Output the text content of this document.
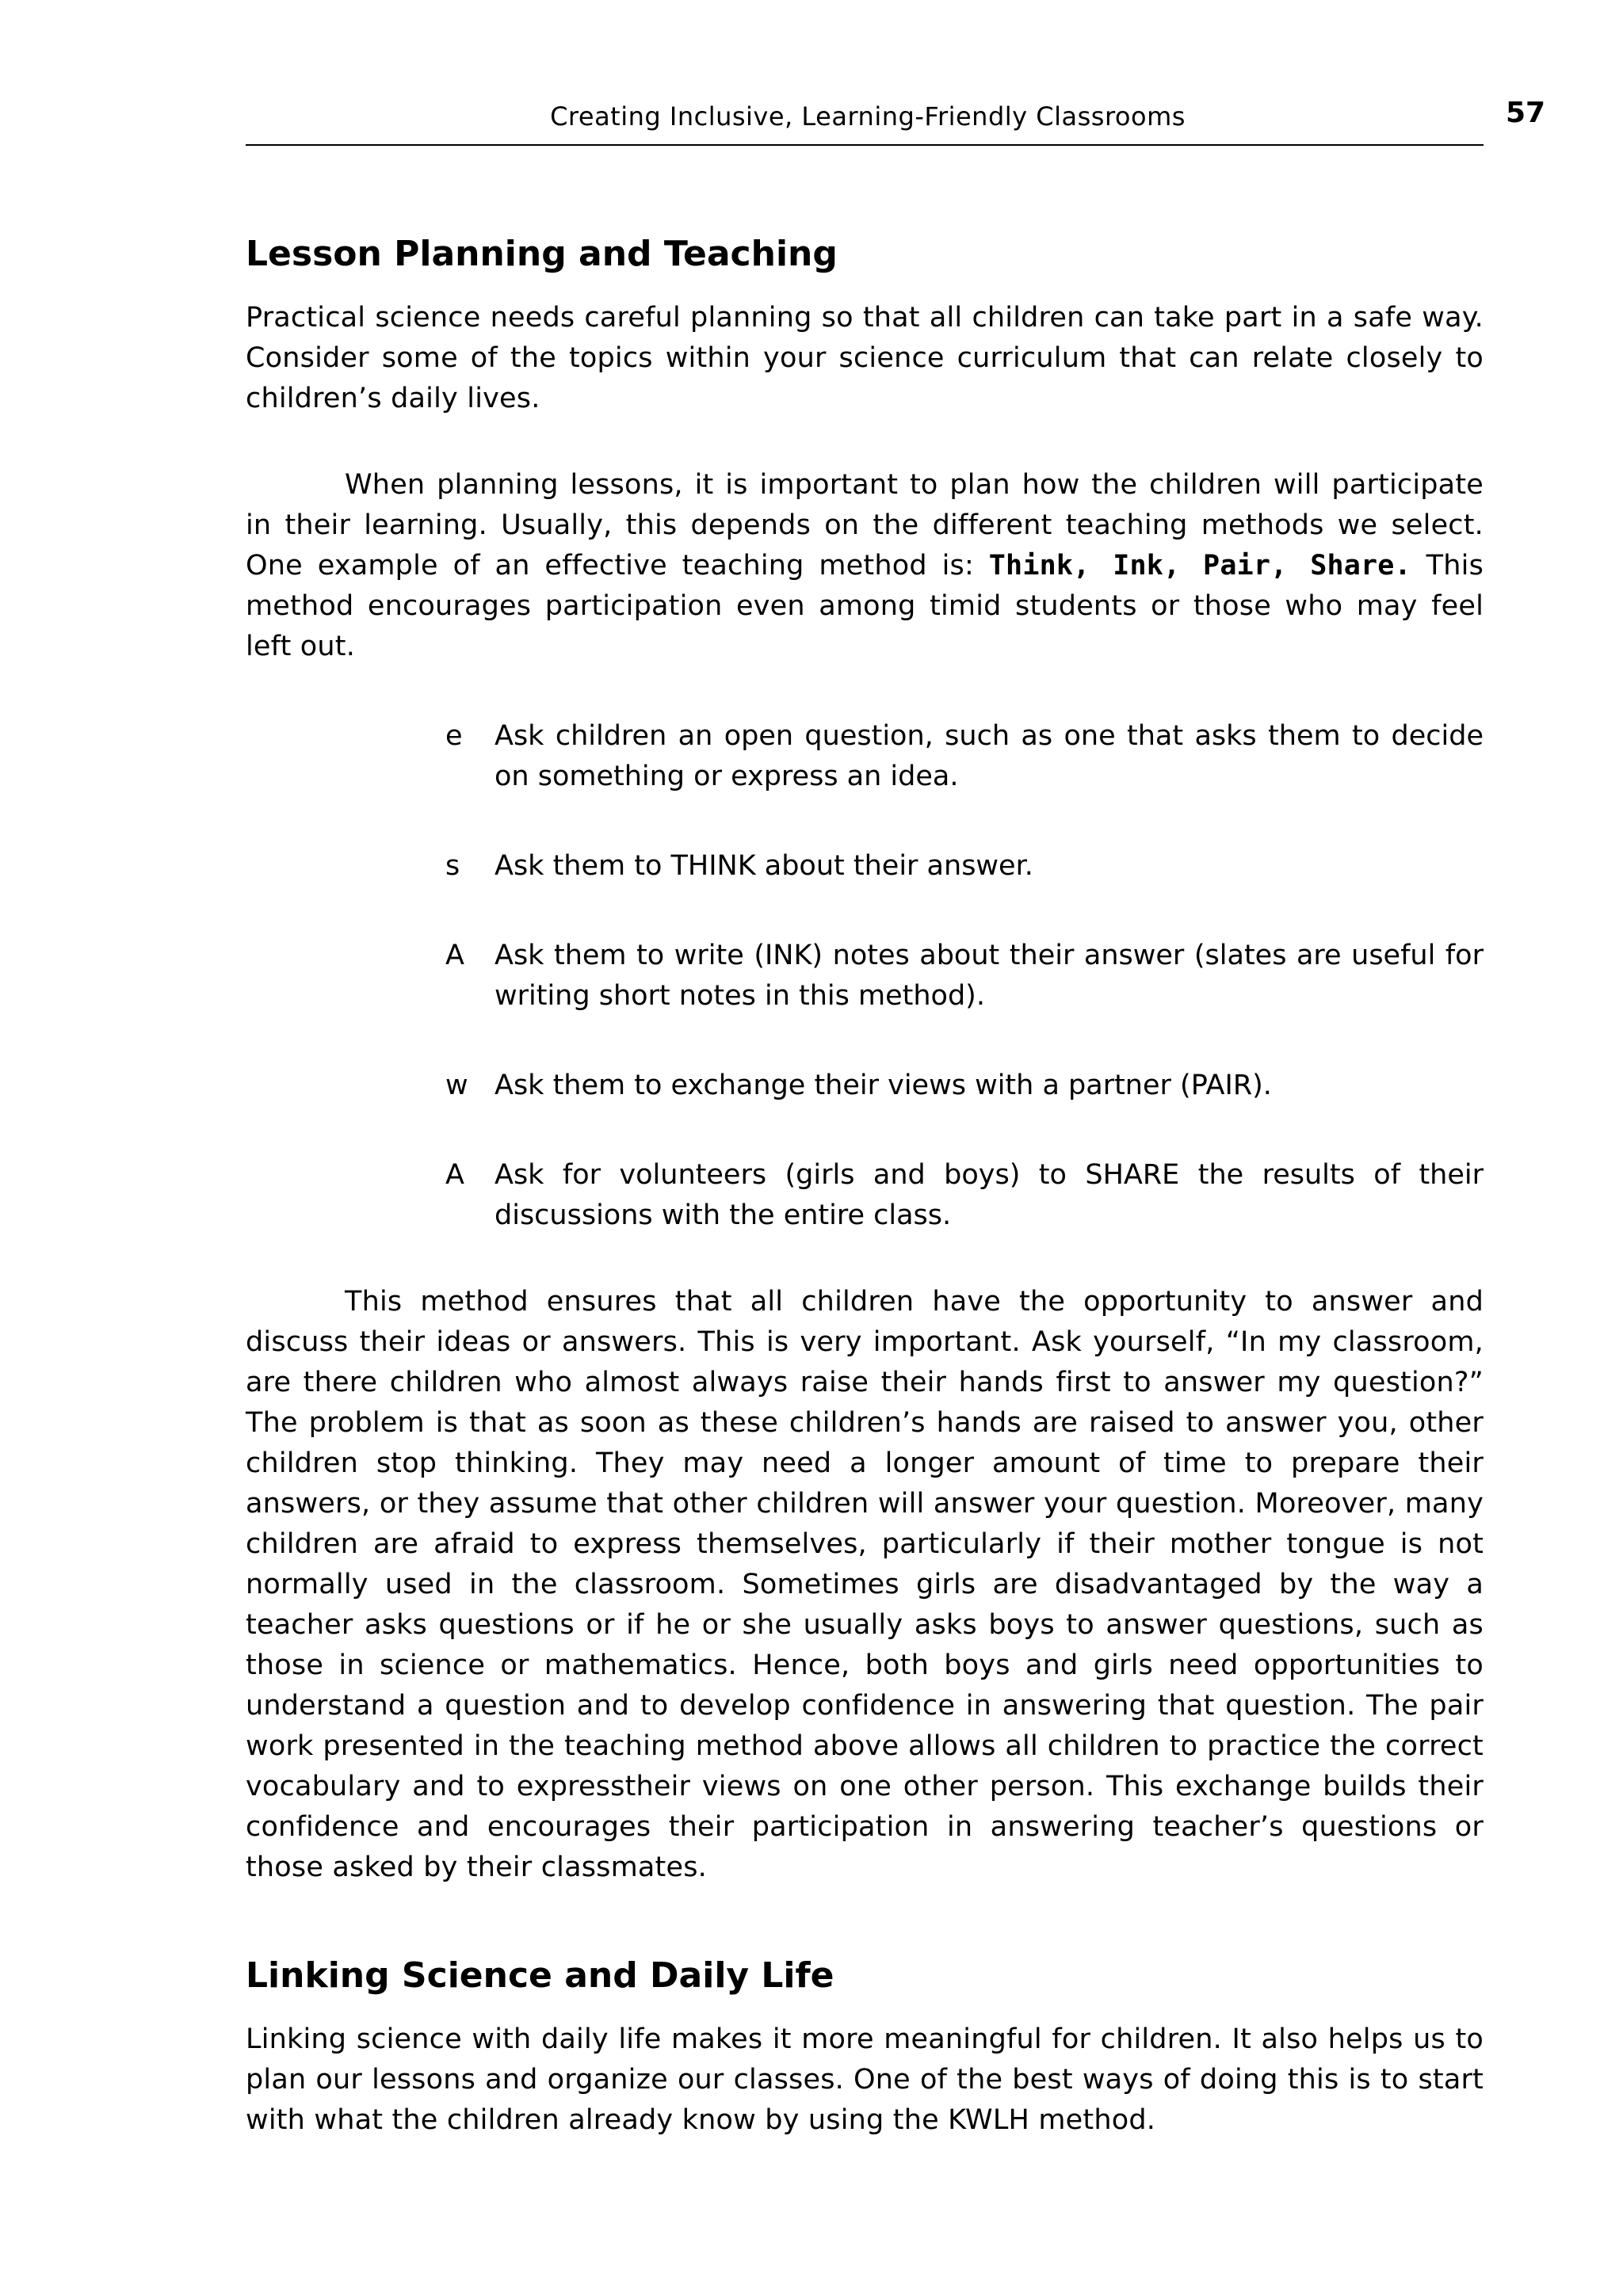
Creating Inclusive, Learning-Friendly Classrooms	57
Lesson Planning and Teaching

Practical science needs careful planning so that all children can take part in a safe way. Consider some of the topics within your science curriculum that can relate closely to children’s daily lives.

When planning lessons, it is important to plan how the children will participate in their learning. Usually, this depends on the different teaching methods we select. One example of an effective teaching method is: Think, Ink, Pair, Share. This method encourages participation even among timid students or those who may feel left out.

e	Ask children an open question, such as one that asks them to decide on something or express an idea.
s	Ask them to THINK about their answer.
A	Ask them to write (INK) notes about their answer (slates are useful for writing short notes in this method).
w Ask them to exchange their views with a partner (PAIR).
A	Ask for volunteers (girls and boys) to SHARE the results of their discussions with the entire class.

This method ensures that all children have the opportunity to answer and discuss their ideas or answers. This is very important. Ask yourself, “In my classroom, are there children who almost always raise their hands first to answer my question?” The problem is that as soon as these children’s hands are raised to answer you, other children stop thinking. They may need a longer amount of time to prepare their answers, or they assume that other children will answer your question. Moreover, many children are afraid to express themselves, particularly if their mother tongue is not normally used in the classroom. Sometimes girls are disadvantaged by the way a teacher asks questions or if he or she usually asks boys to answer questions, such as those in science or mathematics. Hence, both boys and girls need opportunities to understand a question and to develop confidence in answering that question. The pair work presented in the teaching method above allows all children to practice the correct vocabulary and to expresstheir views on one other person. This exchange builds their confidence and encourages their participation in answering teacher’s questions or those asked by their classmates.

Linking Science and Daily Life

Linking science with daily life makes it more meaningful for children. It also helps us to plan our lessons and organize our classes. One of the best ways of doing this is to start with what the children already know by using the KWLH method.
